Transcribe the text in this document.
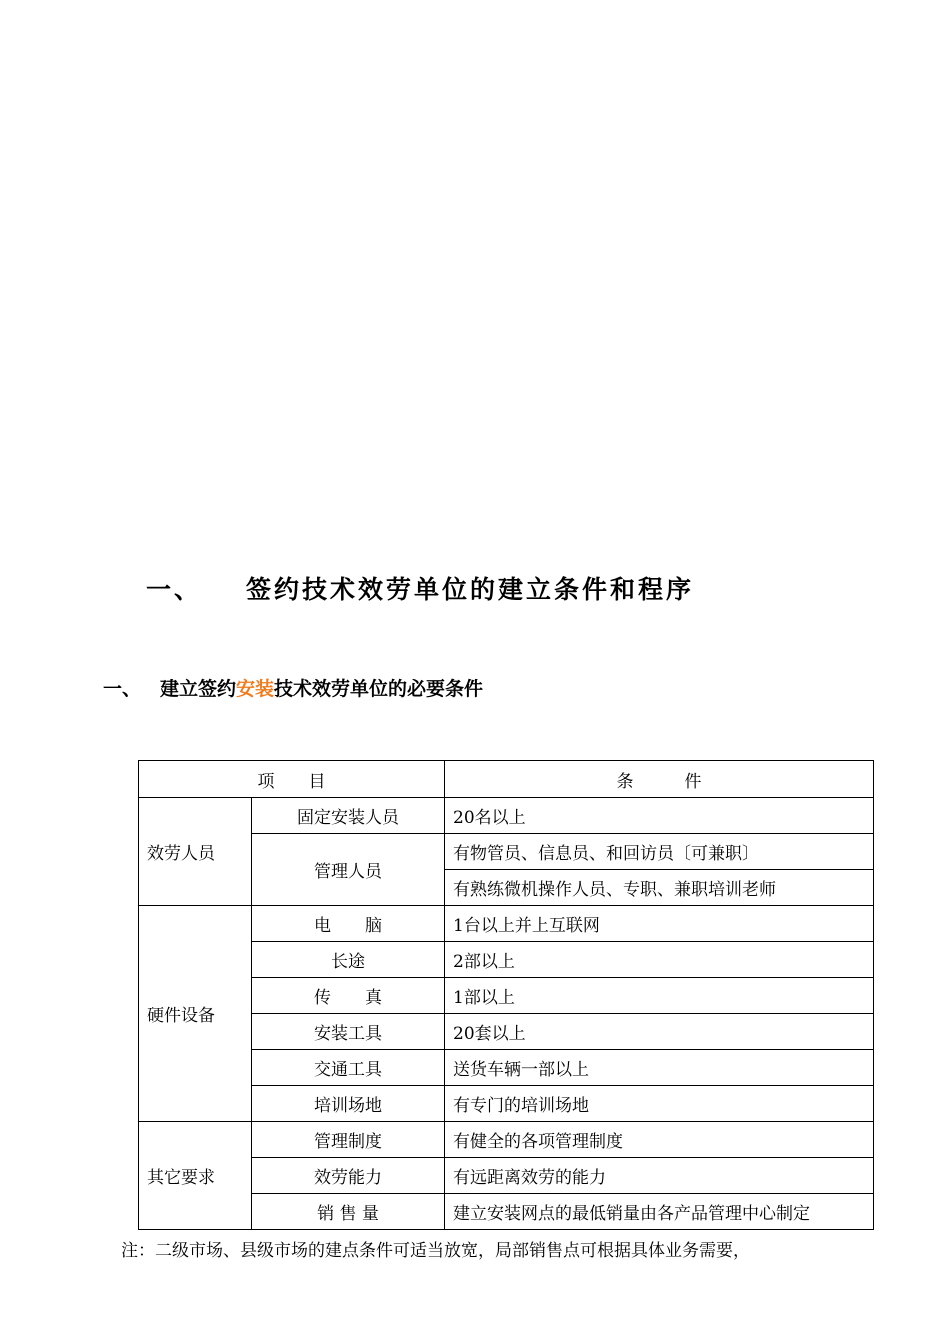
一、 签约技术效劳单位的建立条件和程序
一、 建立签约安装技术效劳单位的必要条件
项　　目		条　　　件
效劳人员	固定安装人员	20名以上
	管理人员	有物管员、信息员、和回访员〔可兼职〕
		有熟练微机操作人员、专职、兼职培训老师
硬件设备	电　　脑	1台以上并上互联网
	长途	2部以上
	传　　真	1部以上
	安装工具	20套以上
	交通工具	送货车辆一部以上
	培训场地	有专门的培训场地
其它要求	管理制度	有健全的各项管理制度
	效劳能力	有远距离效劳的能力
	销 售 量	建立安装网点的最低销量由各产品管理中心制定
注：二级市场、县级市场的建点条件可适当放宽，局部销售点可根据具体业务需要，
